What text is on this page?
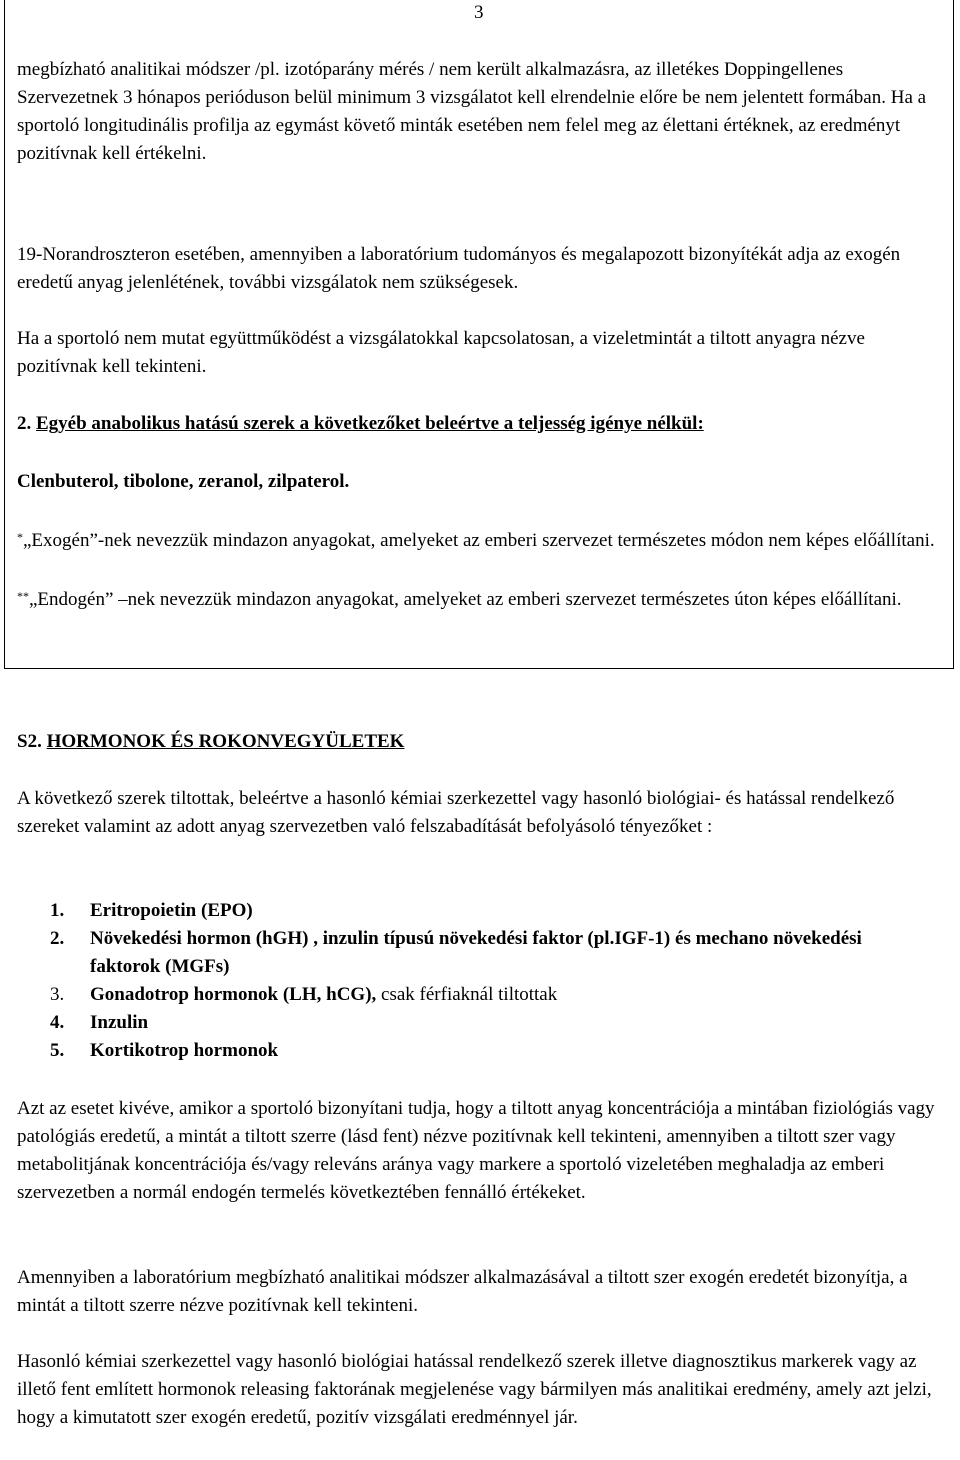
3

megbízható analitikai módszer /pl. izotóparány mérés / nem került alkalmazásra, az illetékes Doppingellenes Szervezetnek 3 hónapos perióduson belül minimum 3 vizsgálatot kell elrendelnie előre be nem jelentett formában. Ha a sportoló longitudinális profilja az egymást követő minták esetében nem felel meg az élettani értéknek, az eredményt pozitívnak kell értékelni.

19-Norandroszteron esetében, amennyiben a laboratórium tudományos és megalapozott bizonyítékát adja az exogén eredetű anyag jelenlétének, további vizsgálatok nem szükségesek.

Ha a sportoló nem mutat együttműködést a vizsgálatokkal kapcsolatosan, a vizeletmintát a tiltott anyagra nézve pozitívnak kell tekinteni.

2. Egyéb anabolikus hatású szerek a következőket beleértve a teljesség igénye nélkül:

Clenbuterol, tibolone, zeranol, zilpaterol.

*„Exogén”-nek nevezzük mindazon anyagokat, amelyeket az emberi szervezet természetes módon nem képes előállítani.

**„Endogén” –nek nevezzük mindazon anyagokat, amelyeket az emberi szervezet természetes úton képes előállítani.

S2. HORMONOK ÉS ROKONVEGYÜLETEK

A következő szerek tiltottak, beleértve a hasonló kémiai szerkezettel vagy hasonló biológiai- és hatással rendelkező szereket valamint az adott anyag szervezetben való felszabadítását befolyásoló tényezőket :

1.	Eritropoietin (EPO)
2.	Növekedési hormon (hGH) , inzulin típusú növekedési faktor (pl.IGF-1) és mechano növekedési faktorok (MGFs)
3.	Gonadotrop hormonok (LH, hCG), csak férfiaknál tiltottak
4.	Inzulin
5.	Kortikotrop hormonok

Azt az esetet kivéve, amikor a sportoló bizonyítani tudja, hogy a tiltott anyag koncentrációja a mintában fiziológiás vagy patológiás eredetű, a mintát a tiltott szerre (lásd fent) nézve pozitívnak kell tekinteni, amennyiben a tiltott szer vagy metabolitjának koncentrációja és/vagy releváns aránya vagy markere a sportoló vizeletében meghaladja az emberi szervezetben a normál endogén termelés következtében fennálló értékeket.

Amennyiben a laboratórium megbízható analitikai módszer alkalmazásával a tiltott szer exogén eredetét bizonyítja, a mintát a tiltott szerre nézve pozitívnak kell tekinteni.

Hasonló kémiai szerkezettel vagy hasonló biológiai hatással rendelkező szerek illetve diagnosztikus markerek vagy az illető fent említett hormonok releasing faktorának megjelenése vagy bármilyen más analitikai eredmény, amely azt jelzi, hogy a kimutatott szer exogén eredetű, pozitív vizsgálati eredménnyel jár.
